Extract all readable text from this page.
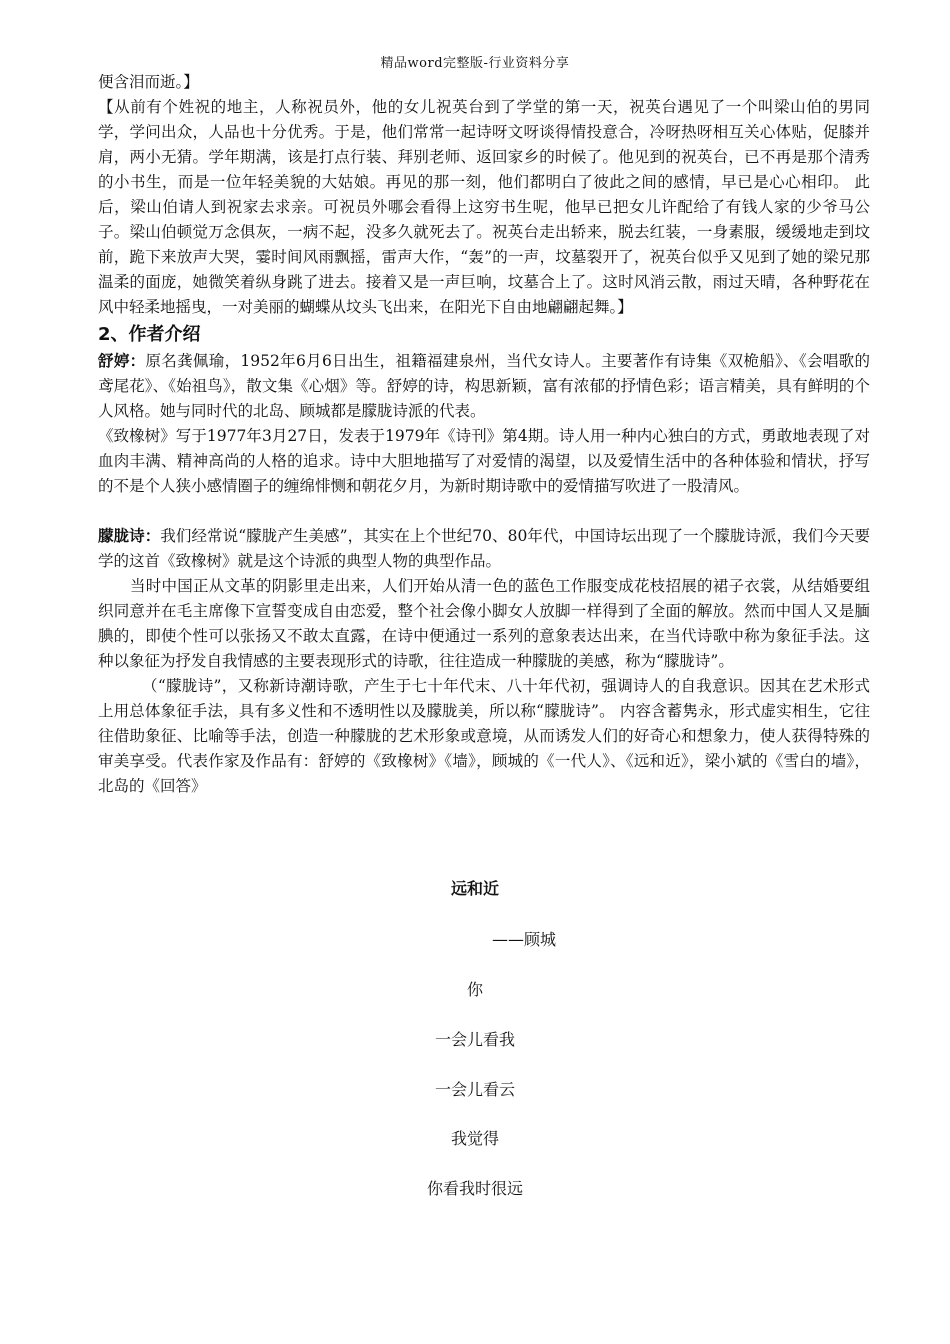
精品word完整版-行业资料分享

便含泪而逝。】

【从前有个姓祝的地主，人称祝员外，他的女儿祝英台到了学堂的第一天，祝英台遇见了一个叫梁山伯的男同学，学问出众，人品也十分优秀。于是，他们常常一起诗呀文呀谈得情投意合，冷呀热呀相互关心体贴，促膝并肩，两小无猜。学年期满，该是打点行装、拜别老师、返回家乡的时候了。他见到的祝英台，已不再是那个清秀的小书生，而是一位年轻美貌的大姑娘。再见的那一刻，他们都明白了彼此之间的感情，早已是心心相印。 此后，梁山伯请人到祝家去求亲。可祝员外哪会看得上这穷书生呢，他早已把女儿许配给了有钱人家的少爷马公子。梁山伯顿觉万念俱灰，一病不起，没多久就死去了。祝英台走出轿来，脱去红装，一身素服，缓缓地走到坟前，跪下来放声大哭，霎时间风雨飘摇，雷声大作，“轰”的一声，坟墓裂开了，祝英台似乎又见到了她的梁兄那温柔的面庞，她微笑着纵身跳了进去。接着又是一声巨响，坟墓合上了。这时风消云散，雨过天晴，各种野花在风中轻柔地摇曳，一对美丽的蝴蝶从坟头飞出来，在阳光下自由地翩翩起舞。】

2、作者介绍

舒婷：原名龚佩瑜，1952年6月6日出生，祖籍福建泉州，当代女诗人。主要著作有诗集《双桅船》、《会唱歌的鸢尾花》、《始祖鸟》，散文集《心烟》等。舒婷的诗，构思新颖，富有浓郁的抒情色彩；语言精美，具有鲜明的个人风格。她与同时代的北岛、顾城都是朦胧诗派的代表。

《致橡树》写于1977年3月27日，发表于1979年《诗刊》第4期。诗人用一种内心独白的方式，勇敢地表现了对血肉丰满、精神高尚的人格的追求。诗中大胆地描写了对爱情的渴望，以及爱情生活中的各种体验和情状，抒写的不是个人狭小感情圈子的缠绵悱恻和朝花夕月，为新时期诗歌中的爱情描写吹进了一股清风。

朦胧诗：我们经常说“朦胧产生美感”，其实在上个世纪70、80年代，中国诗坛出现了一个朦胧诗派，我们今天要学的这首《致橡树》就是这个诗派的典型人物的典型作品。

当时中国正从文革的阴影里走出来，人们开始从清一色的蓝色工作服变成花枝招展的裙子衣裳，从结婚要组织同意并在毛主席像下宣誓变成自由恋爱，整个社会像小脚女人放脚一样得到了全面的解放。然而中国人又是腼腆的，即使个性可以张扬又不敢太直露，在诗中便通过一系列的意象表达出来，在当代诗歌中称为象征手法。这种以象征为抒发自我情感的主要表现形式的诗歌，往往造成一种朦胧的美感，称为“朦胧诗”。

（“朦胧诗”，又称新诗潮诗歌，产生于七十年代末、八十年代初，强调诗人的自我意识。因其在艺术形式上用总体象征手法，具有多义性和不透明性以及朦胧美，所以称“朦胧诗”。 内容含蓄隽永，形式虚实相生，它往往借助象征、比喻等手法，创造一种朦胧的艺术形象或意境，从而诱发人们的好奇心和想象力，使人获得特殊的审美享受。代表作家及作品有：舒婷的《致橡树》《墙》，顾城的《一代人》、《远和近》，梁小斌的《雪白的墙》，北岛的《回答》

远和近
——顾城
你
一会儿看我
一会儿看云
我觉得
你看我时很远
